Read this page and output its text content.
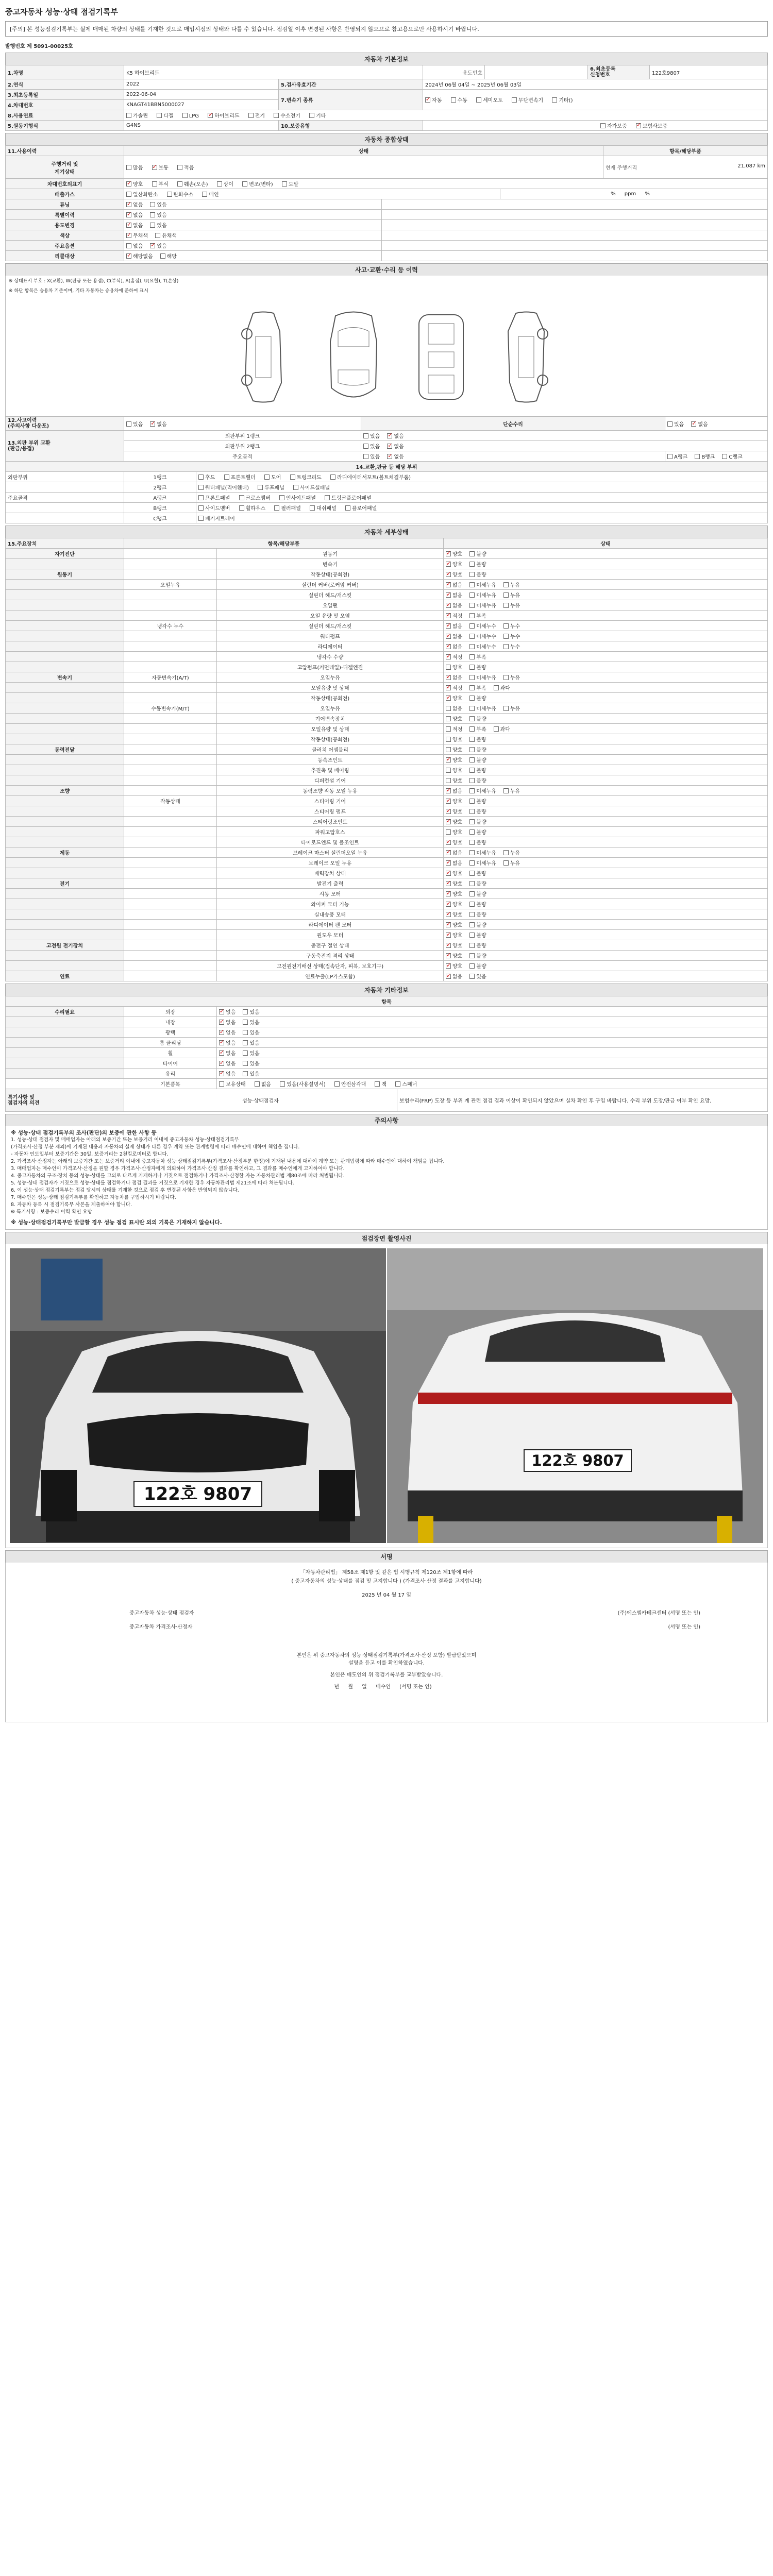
중고자동차 성능·상태 점검기록부
[주의] 본 성능점검기록부는 실제 매매된 차량의 상태를 기재한 것으로 매입시점의 상태와 다를 수 있습니다. 점검일 이후 변경된 사항은 반영되지 않으므로 참고용으로만 사용하시기 바랍니다.
발행번호 제 5091-00025호
자동차 기본정보
1.차명	K5 하이브리드		용도번호		6.최초등록
신청번호	122호9807
2.연식	2022	5.검사유효기간	2024년 06월 04일 ~ 2025년 06월 03일			
3.최초등록일	2022-06-04	7.변속기 종류	✓자동 수동 세미오토 무단변속기 기타()
4.차대번호	KNAGT41BBN5000027					
8.사용연료	가솔린 디젤 LPG ✓ 하이브리드 전기 수소전기 기타
5.원동기형식	G4NS	10.보증유형	자가보증 ✓ 보험사보증
자동차 종합상태
11.사용이력	상태			항목/해당부품
주행거리 및
계기상태	많음 ✓ 보통 적음			현재 주행거리 21,087 km

차대번호의표기	✓양호 부식 훼손(오손) 상이 변조(변타) 도말
배출가스	일산화탄소 탄화수소 매연		% ppm %	
튜닝	✓없음 있음	
특별이력	✓없음 있음	
용도변경	✓없음 있음	
색상	✓무채색 유채색	
주요옵션	없음 ✓ 있음	
리콜대상	✓해당없음 해당	
사고·교환·수리 등 이력
※ 상태표시 부호 : X(교환), W(판금 또는 용접), C(부식), A(흠집), U(요철), T(손상)
※ 하단 항목은 승용차 기준이며, 기타 자동차는 승용차에 준하여 표시
12.사고이력
(주의사항 다운포)	있음 ✓ 없음		단순수리	있음 ✓ 없음
13.외판 부위 교환
(판금/용접)	외판부위 1랭크		있음 ✓ 없음
	외판부위 2랭크		있음 ✓ 없음
	주요골격		있음 ✓ 없음	A랭크 B랭크 C랭크
14.교환,판금 등 해당 부위				
외판부위	1랭크	후드 프론트휀더 도어 트렁크리드 라디에이터서포트(볼트체결부품)		
	2랭크	쿼터패널(리어휀더) 루프패널 사이드실패널		
주요골격	A랭크	프론트패널 크로스멤버 인사이드패널 트렁크플로어패널		
	B랭크	사이드멤버 휠하우스 필러패널 대쉬패널 플로어패널		
	C랭크	패키지트레이		
자동차 세부상태
15.주요장치	항목/해당부품		상태
자기진단		원동기	✓양호 불량
		변속기	✓양호 불량
원동기		작동상태(공회전)	✓양호 불량
	오일누유	실린더 커버(로커암 커버)	✓없음 미세누유 누유
		실린더 헤드/개스킷	✓없음 미세누유 누유
		오일팬	✓없음 미세누유 누유
		오일 유량 및 오염	✓적정 부족
	냉각수 누수	실린더 헤드/개스킷	✓없음 미세누수 누수
		워터펌프	✓없음 미세누수 누수
		라디에이터	✓없음 미세누수 누수
		냉각수 수량	✓적정 부족
		고압펌프(커먼레일)-디젤엔진	양호 불량
변속기	자동변속기(A/T)	오일누유	✓없음 미세누유 누유
		오일유량 및 상태	✓적정 부족 과다
		작동상태(공회전)	✓양호 불량
	수동변속기(M/T)	오일누유	없음 미세누유 누유
		기어변속장치	양호 불량
		오일유량 및 상태	적정 부족 과다
		작동상태(공회전)	양호 불량
동력전달		클러치 어셈블리	양호 불량
		등속조인트	✓양호 불량
		추진축 및 베어링	양호 불량
		디퍼런셜 기어	양호 불량
조향		동력조향 작동 오일 누유	✓없음 미세누유 누유
	작동상태	스티어링 기어	✓양호 불량
		스티어링 펌프	✓양호 불량
		스티어링조인트	✓양호 불량
		파워고압호스	양호 불량
		타이로드엔드 및 볼조인트	✓양호 불량
제동		브레이크 마스터 실린더오일 누유	✓없음 미세누유 누유
		브레이크 오일 누유	✓없음 미세누유 누유
		배력장치 상태	✓양호 불량
전기		발전기 출력	✓양호 불량
		시동 모터	✓양호 불량
		와이퍼 모터 기능	✓양호 불량
		실내송풍 모터	✓양호 불량
		라디에이터 팬 모터	✓양호 불량
		윈도우 모터	✓양호 불량
고전원 전기장치		충전구 절연 상태	✓양호 불량
		구동축전지 격리 상태	✓양호 불량
		고전원전기배선 상태(접속단자, 피복, 보호기구)	✓양호 불량
연료		연료누출(LP가스포함)	✓없음 있음
자동차 기타정보
항목			
수리필요	외장	✓없음 있음
	내장	✓없음 있음
	광택	✓없음 있음
	룸 클리닝	✓없음 있음
	휠	✓없음 있음
	타이어	✓없음 있음
	유리	✓없음 있음
	기본품목	보유상태 없음 있음(사용설명서) 안전삼각대 잭 스패너	
특기사항 및
점검자의 의견	성능·상태점검자		보험수리(FRP) 도장 등 부위 계 관련 점검 결과 이상이 확인되지 않았으며 실차 확인 후 구입 바랍니다. 수리 부위 도장/판금 여부 확인 요망.
주의사항
※ 성능·상태 점검기록부의 조사(판단)의 보증에 관한 사항 등
1. 성능·상태 점검자 및 매매업자는 아래의 보증기간 또는 보증거리 이내에 중고자동차 성능·상태점검기록부
(가격조사·산정 부분 제외)에 기재된 내용과 자동차의 실제 상태가 다른 경우 계약 또는 관계법령에 따라 매수인에 대하여 책임을 집니다.
- 자동차 인도일부터 보증기간은 30일, 보증거리는 2천킬로미터로 합니다.
2. 가격조사·산정자는 아래의 보증기간 또는 보증거리 이내에 중고자동차 성능·상태점검기록부(가격조사·산정부분 한정)에 기재된 내용에 대하여 계약 또는 관계법령에 따라 매수인에 대하여 책임을 집니다.
3. 매매업자는 매수인이 가격조사·산정을 원할 경우 가격조사·산정자에게 의뢰하여 가격조사·산정 결과를 확인하고, 그 결과를 매수인에게 고지하여야 합니다.
4. 중고자동차의 구조·장치 등의 성능·상태를 고의로 다르게 기재하거나 거짓으로 점검하거나 가격조사·산정한 자는 자동차관리법 제80조에 따라 처벌됩니다.
5. 성능·상태 점검자가 거짓으로 성능·상태를 점검하거나 점검 결과를 거짓으로 기재한 경우 자동차관리법 제21조에 따라 처분됩니다.
6. 이 성능·상태 점검기록부는 점검 당시의 상태를 기재한 것으로 점검 후 변경된 사항은 반영되지 않습니다.
7. 매수인은 성능·상태 점검기록부를 확인하고 자동차를 구입하시기 바랍니다.
8. 자동차 등록 시 점검기록부 사본을 제출하여야 합니다.
※ 특기사항 : 보증수리 이력 확인 요망
※ 성능·상태점검기록부만 발급할 경우 성능 점검 표시란 외의 기록은 기재하지 않습니다.
점검장면 촬영사진
122호 9807
122호 9807
서명
「자동차관리법」 제58조 제1항 및 같은 법 시행규칙 제120조 제1항에 따라
( 중고자동차의 성능·상태를 점검 및 고지합니다 ) (가격조사·산정 결과를 고지합니다)
2025 년 04 월 17 일
중고자동차 성능·상태 점검자	(주)에스엠카테크센터 (서명 또는 인)
중고자동차 가격조사·산정자	(서명 또는 인)
본인은 위 중고자동차의 성능·상태점검기록부(가격조사·산정 포함) 발급받았으며
설명을 듣고 이를 확인하였습니다.
본인은 매도인의 위 점검기록부를 교부받았습니다.
년 월 일 매수인 (서명 또는 인)
